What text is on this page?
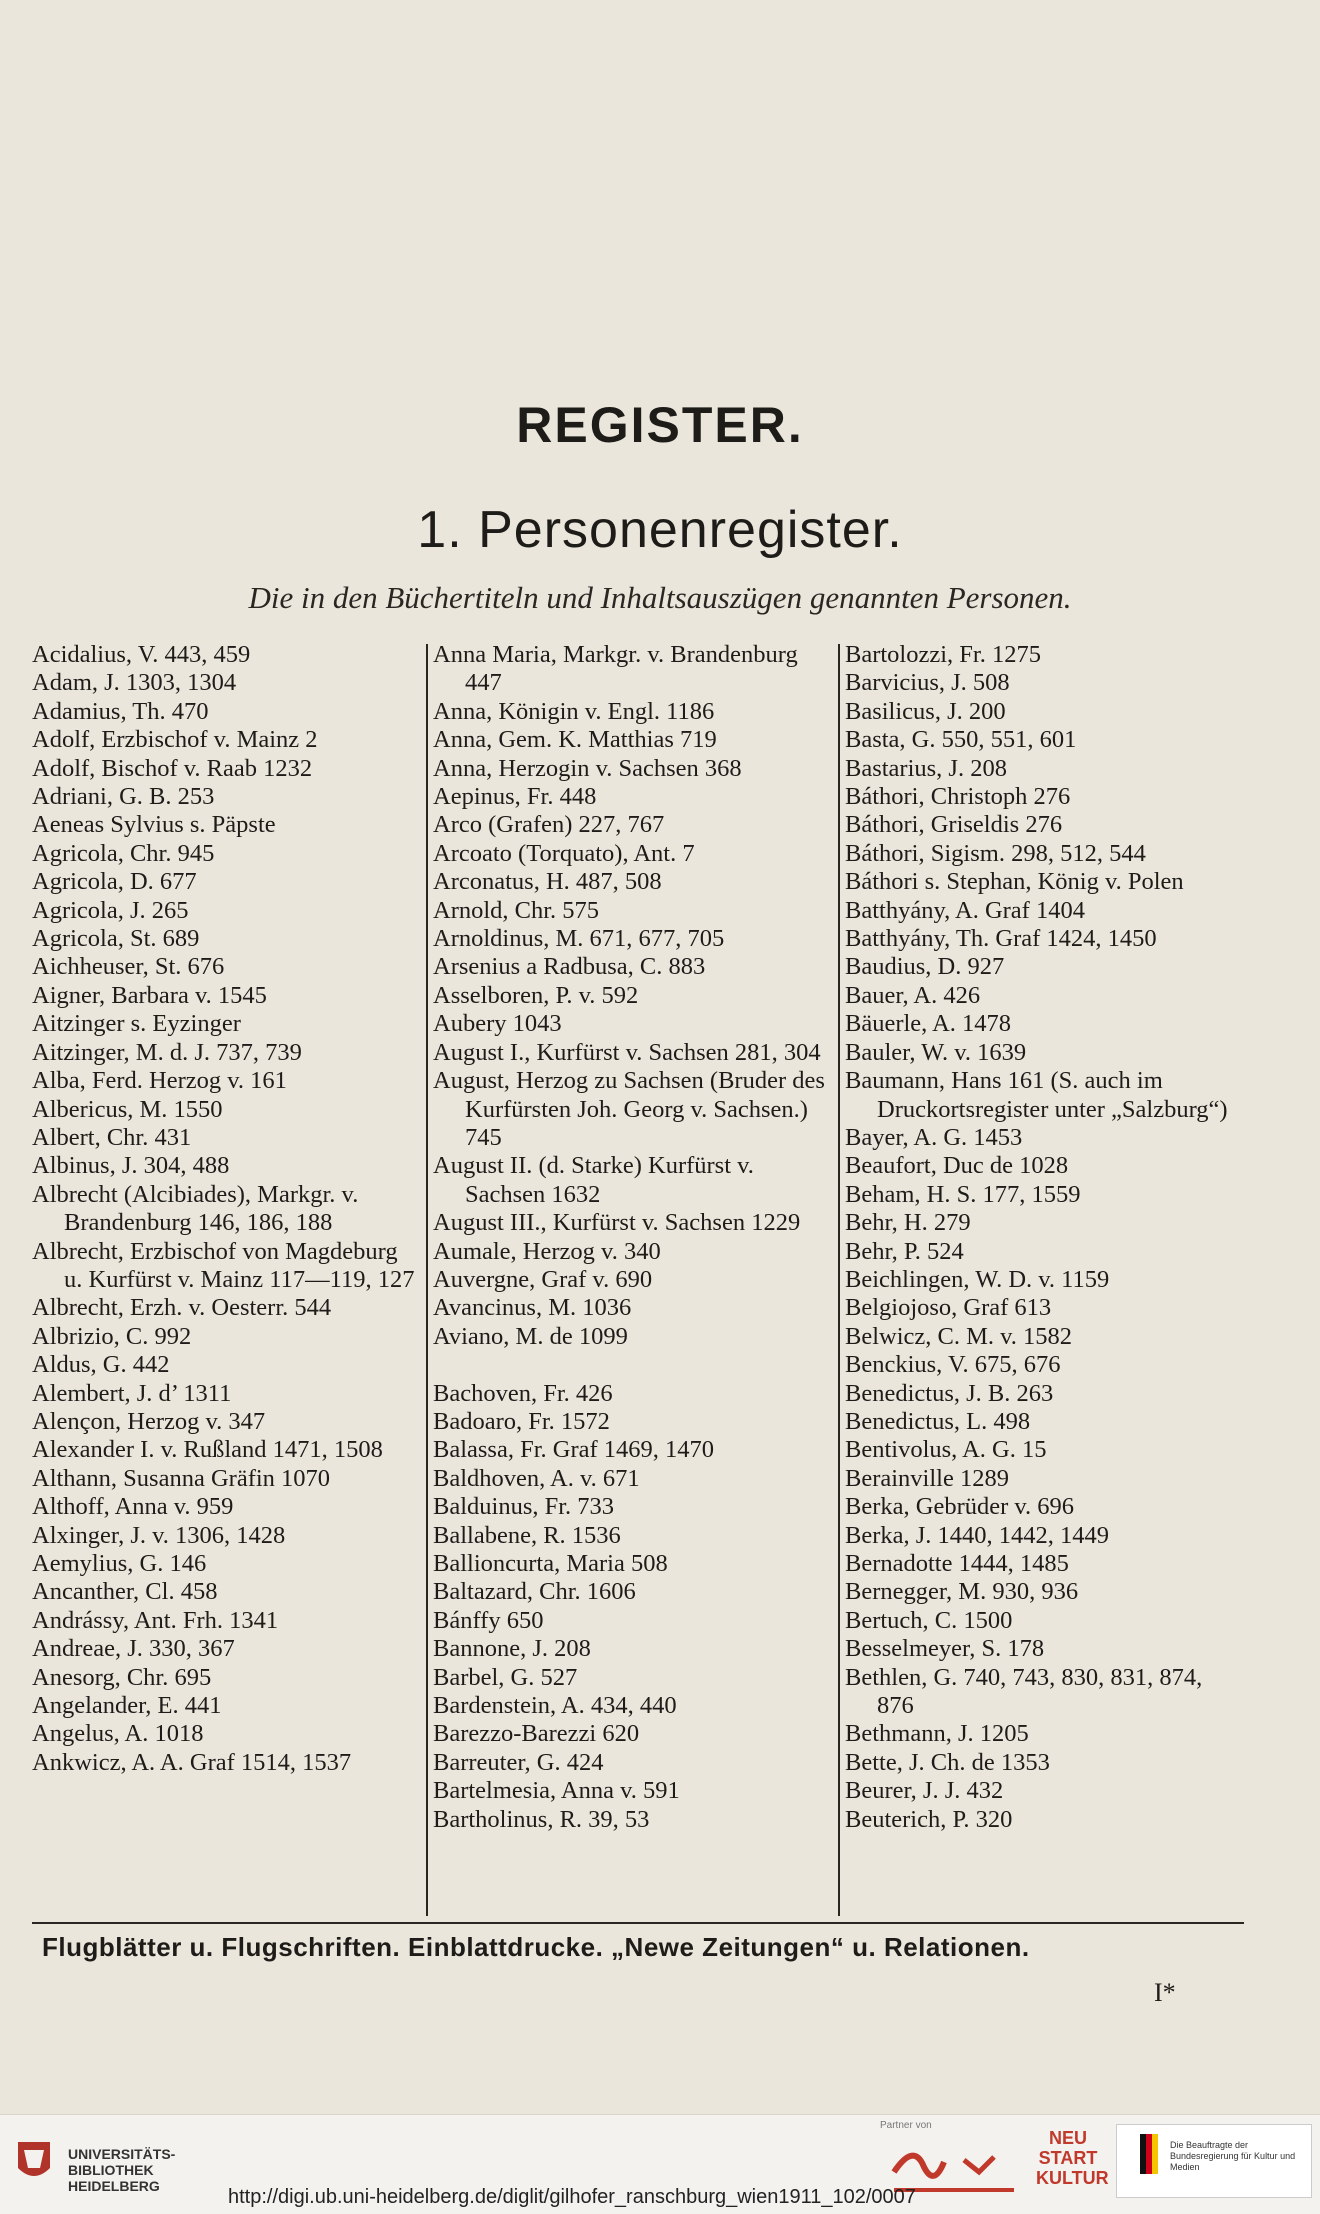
REGISTER.
1. Personenregister.
Die in den Büchertiteln und Inhaltsauszügen genannten Personen.
Acidalius, V. 443, 459
Adam, J. 1303, 1304
Adamius, Th. 470
Adolf, Erzbischof v. Mainz 2
Adolf, Bischof v. Raab 1232
Adriani, G. B. 253
Aeneas Sylvius s. Päpste
Agricola, Chr. 945
Agricola, D. 677
Agricola, J. 265
Agricola, St. 689
Aichheuser, St. 676
Aigner, Barbara v. 1545
Aitzinger s. Eyzinger
Aitzinger, M. d. J. 737, 739
Alba, Ferd. Herzog v. 161
Albericus, M. 1550
Albert, Chr. 431
Albinus, J. 304, 488
Albrecht (Alcibiades), Markgr. v. Brandenburg 146, 186, 188
Albrecht, Erzbischof von Magdeburg u. Kurfürst v. Mainz 117—119, 127
Albrecht, Erzh. v. Oesterr. 544
Albrizio, C. 992
Aldus, G. 442
Alembert, J. d’ 1311
Alençon, Herzog v. 347
Alexander I. v. Rußland 1471, 1508
Althann, Susanna Gräfin 1070
Althoff, Anna v. 959
Alxinger, J. v. 1306, 1428
Aemylius, G. 146
Ancanther, Cl. 458
Andrássy, Ant. Frh. 1341
Andreae, J. 330, 367
Anesorg, Chr. 695
Angelander, E. 441
Angelus, A. 1018
Ankwicz, A. A. Graf 1514, 1537
Anna Maria, Markgr. v. Brandenburg 447
Anna, Königin v. Engl. 1186
Anna, Gem. K. Matthias 719
Anna, Herzogin v. Sachsen 368
Aepinus, Fr. 448
Arco (Grafen) 227, 767
Arcoato (Torquato), Ant. 7
Arconatus, H. 487, 508
Arnold, Chr. 575
Arnoldinus, M. 671, 677, 705
Arsenius a Radbusa, C. 883
Asselboren, P. v. 592
Aubery 1043
August I., Kurfürst v. Sachsen 281, 304
August, Herzog zu Sachsen (Bruder des Kurfürsten Joh. Georg v. Sachsen.) 745
August II. (d. Starke) Kurfürst v. Sachsen 1632
August III., Kurfürst v. Sachsen 1229
Aumale, Herzog v. 340
Auvergne, Graf v. 690
Avancinus, M. 1036
Aviano, M. de 1099
Bachoven, Fr. 426
Badoaro, Fr. 1572
Balassa, Fr. Graf 1469, 1470
Baldhoven, A. v. 671
Balduinus, Fr. 733
Ballabene, R. 1536
Ballioncurta, Maria 508
Baltazard, Chr. 1606
Bánffy 650
Bannone, J. 208
Barbel, G. 527
Bardenstein, A. 434, 440
Barezzo-Barezzi 620
Barreuter, G. 424
Bartelmesia, Anna v. 591
Bartholinus, R. 39, 53
Bartolozzi, Fr. 1275
Barvicius, J. 508
Basilicus, J. 200
Basta, G. 550, 551, 601
Bastarius, J. 208
Báthori, Christoph 276
Báthori, Griseldis 276
Báthori, Sigism. 298, 512, 544
Báthori s. Stephan, König v. Polen
Batthyány, A. Graf 1404
Batthyány, Th. Graf 1424, 1450
Baudius, D. 927
Bauer, A. 426
Bäuerle, A. 1478
Bauler, W. v. 1639
Baumann, Hans 161 (S. auch im Druckortsregister unter „Salzburg“)
Bayer, A. G. 1453
Beaufort, Duc de 1028
Beham, H. S. 177, 1559
Behr, H. 279
Behr, P. 524
Beichlingen, W. D. v. 1159
Belgiojoso, Graf 613
Belwicz, C. M. v. 1582
Benckius, V. 675, 676
Benedictus, J. B. 263
Benedictus, L. 498
Bentivolus, A. G. 15
Berainville 1289
Berka, Gebrüder v. 696
Berka, J. 1440, 1442, 1449
Bernadotte 1444, 1485
Bernegger, M. 930, 936
Bertuch, C. 1500
Besselmeyer, S. 178
Bethlen, G. 740, 743, 830, 831, 874, 876
Bethmann, J. 1205
Bette, J. Ch. de 1353
Beurer, J. J. 432
Beuterich, P. 320
Flugblätter u. Flugschriften. Einblattdrucke. „Newe Zeitungen“ u. Relationen.
I*
UNIVERSITÄTS-
BIBLIOTHEK
HEIDELBERG
Partner von
NEU
START
KULTUR
Die Beauftragte der Bundesregierung für Kultur und Medien
http://digi.ub.uni-heidelberg.de/diglit/gilhofer_ranschburg_wien1911_102/0007
